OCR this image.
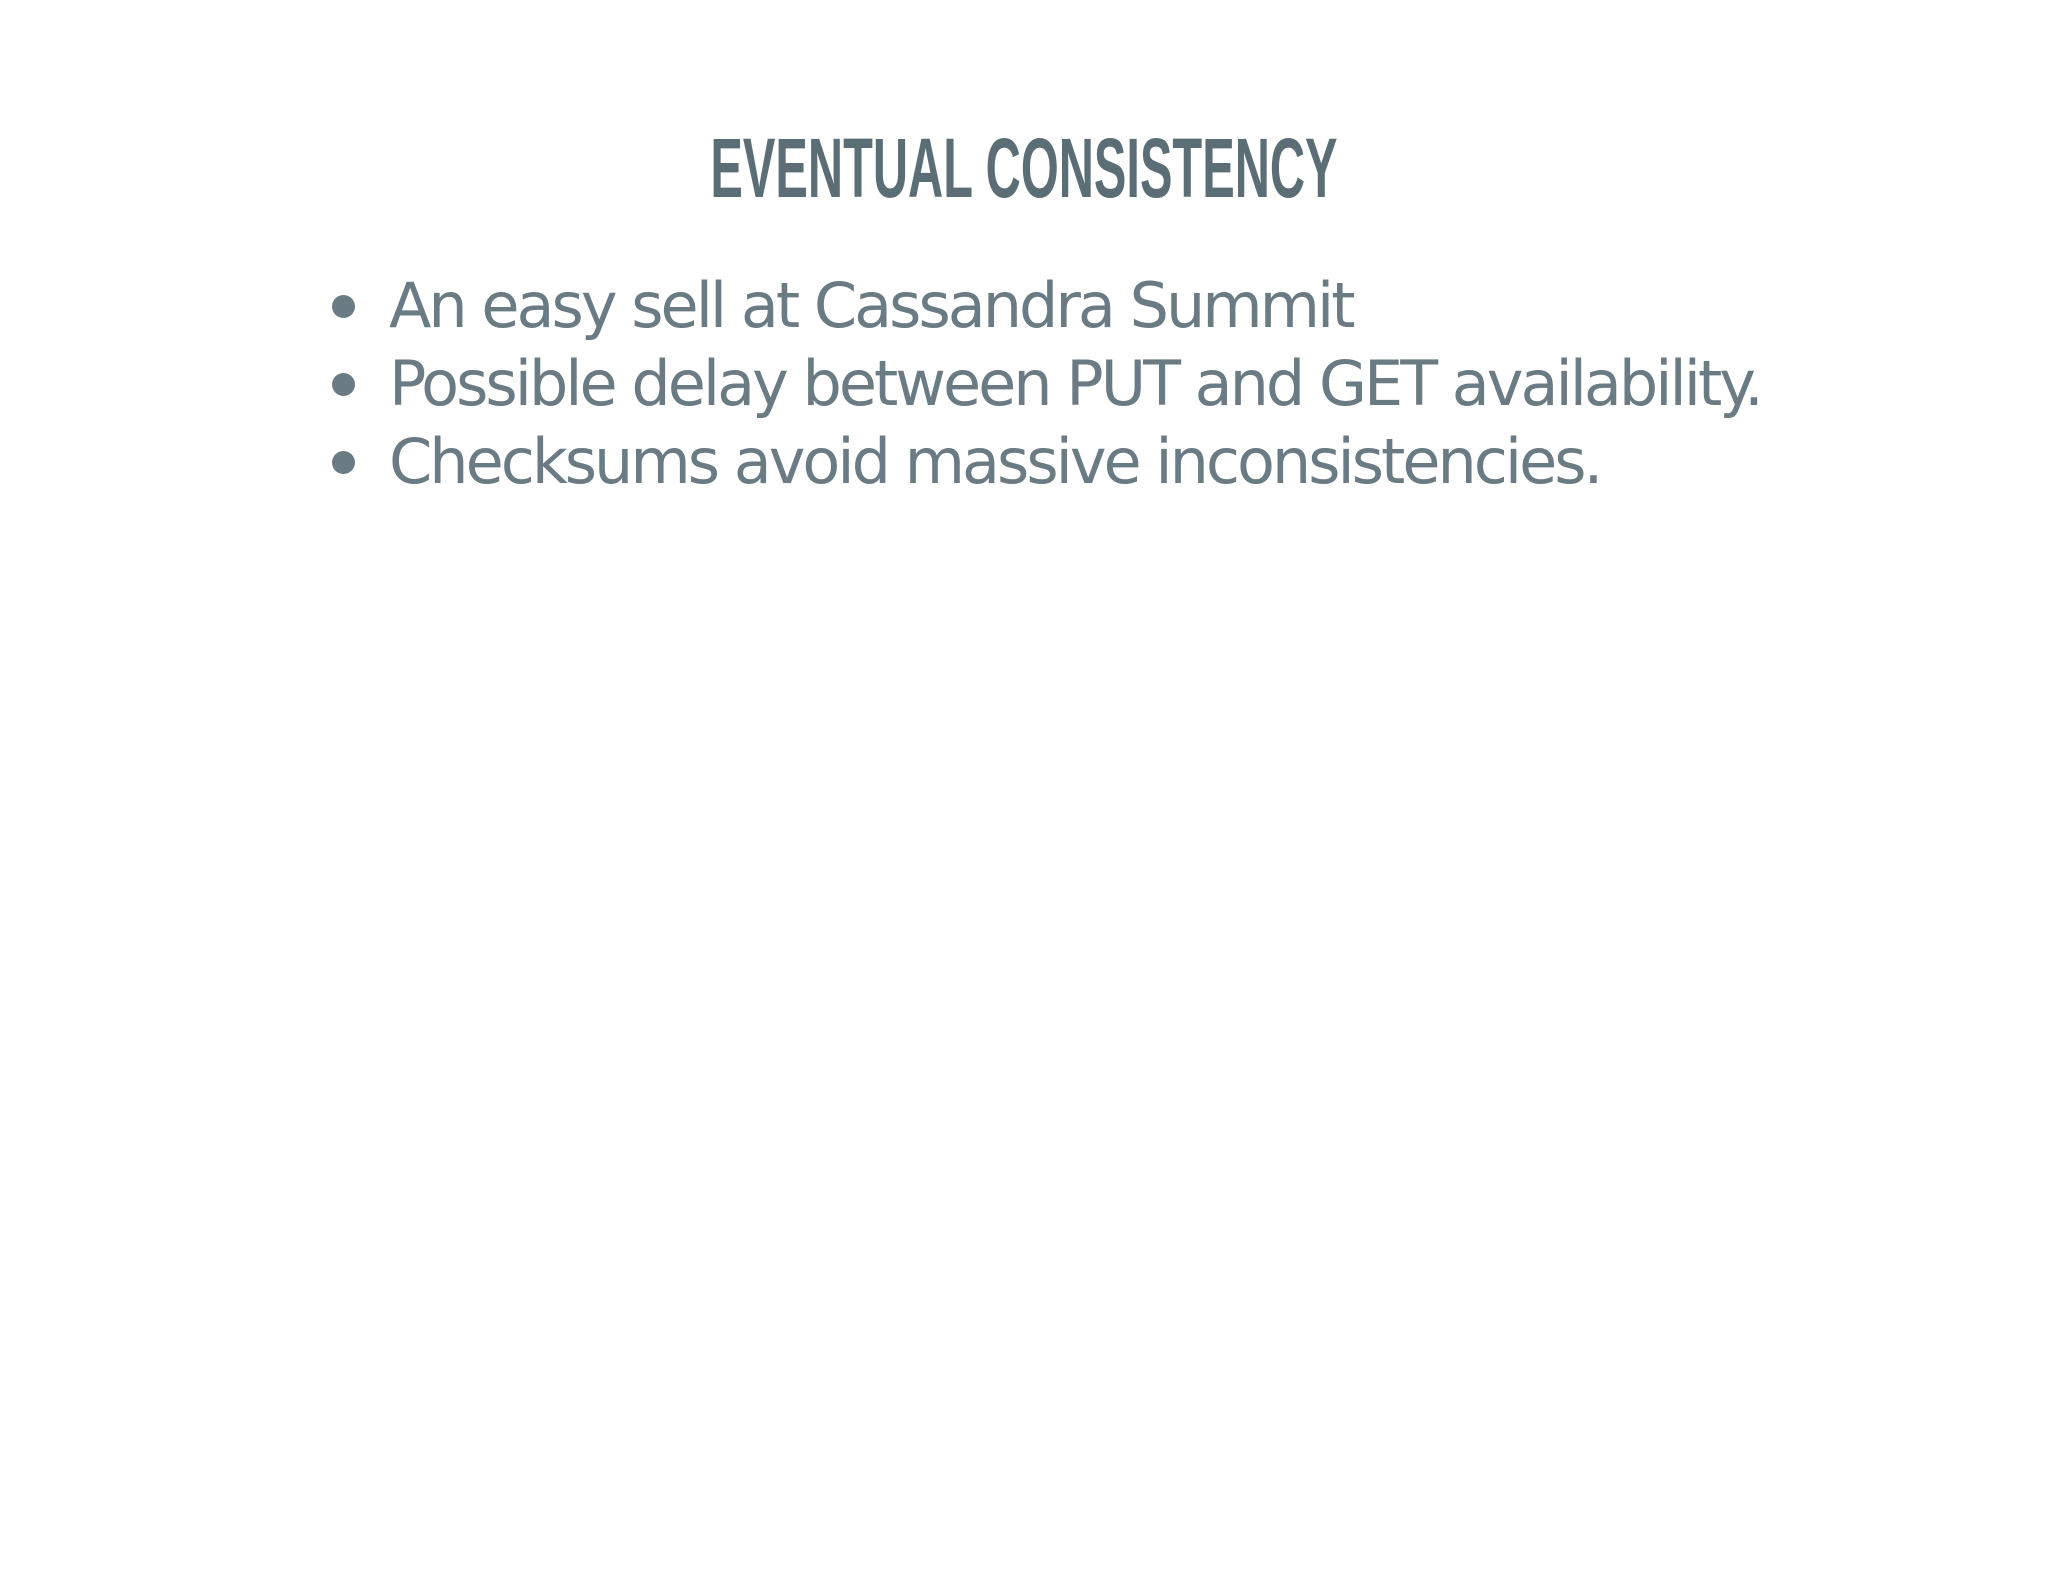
EVENTUAL CONSISTENCY
An easy sell at Cassandra Summit
Possible delay between PUT and GET availability.
Checksums avoid massive inconsistencies.
